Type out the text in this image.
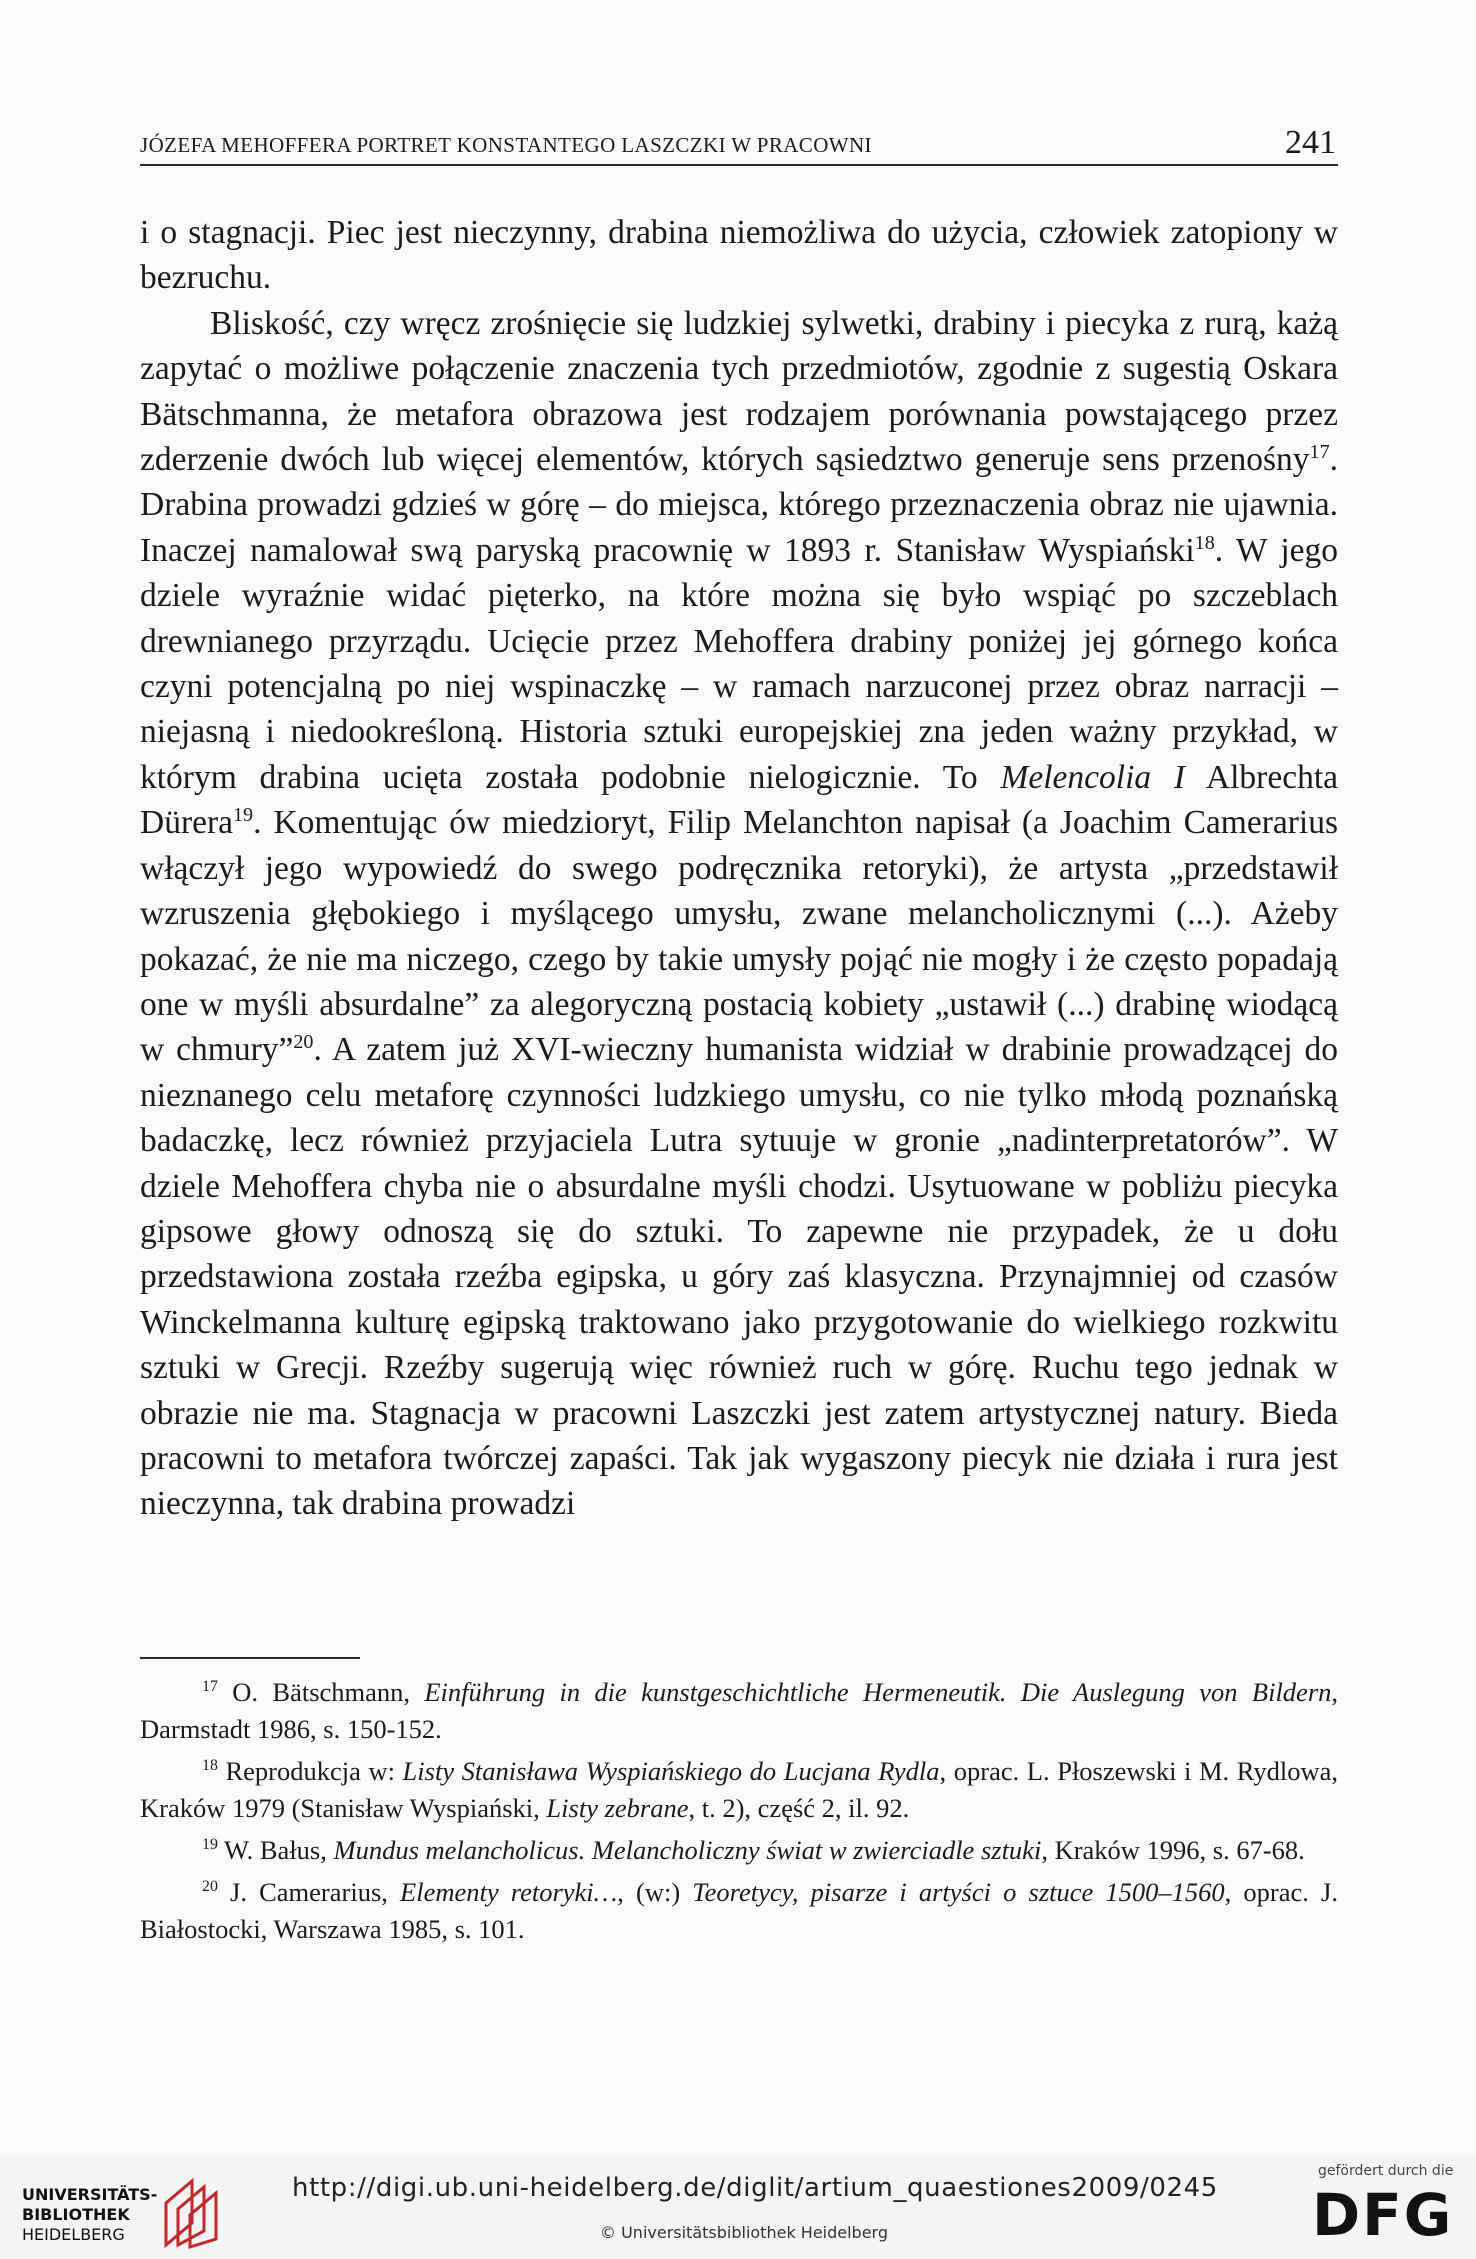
JÓZEFA MEHOFFERA PORTRET KONSTANTEGO LASZCZKI W PRACOWNI	241

i o stagnacji. Piec jest nieczynny, drabina niemożliwa do użycia, człowiek zatopiony w bezruchu.

Bliskość, czy wręcz zrośnięcie się ludzkiej sylwetki, drabiny i piecyka z rurą, każą zapytać o możliwe połączenie znaczenia tych przedmiotów, zgodnie z sugestią Oskara Bätschmanna, że metafora obrazowa jest rodzajem porównania powstającego przez zderzenie dwóch lub więcej elementów, których sąsiedztwo generuje sens przenośny$^{17}$. Drabina prowadzi gdzieś w górę – do miejsca, którego przeznaczenia obraz nie ujawnia. Inaczej namalował swą paryską pracownię w 1893 r. Stanisław Wyspiański$^{18}$. W jego dziele wyraźnie widać pięterko, na które można się było wspiąć po szczeblach drewnianego przyrządu. Ucięcie przez Mehoffera drabiny poniżej jej górnego końca czyni potencjalną po niej wspinaczkę – w ramach narzuconej przez obraz narracji – niejasną i niedookreśloną. Historia sztuki europejskiej zna jeden ważny przykład, w którym drabina ucięta została podobnie nielogicznie. To Melencolia I Albrechta Dürera$^{19}$. Komentując ów miedzioryt, Filip Melanchton napisał (a Joachim Camerarius włączył jego wypowiedź do swego podręcznika retoryki), że artysta „przedstawił wzruszenia głębokiego i myślącego umysłu, zwane melancholicznymi (...). Ażeby pokazać, że nie ma niczego, czego by takie umysły pojąć nie mogły i że często popadają one w myśli absurdalne” za alegoryczną postacią kobiety „ustawił (...) drabinę wiodącą w chmury”$^{20}$. A zatem już XVI-wieczny humanista widział w drabinie prowadzącej do nieznanego celu metaforę czynności ludzkiego umysłu, co nie tylko młodą poznańską badaczkę, lecz również przyjaciela Lutra sytuuje w gronie „nadinterpretatorów”. W dziele Mehoffera chyba nie o absurdalne myśli chodzi. Usytuowane w pobliżu piecyka gipsowe głowy odnoszą się do sztuki. To zapewne nie przypadek, że u dołu przedstawiona została rzeźba egipska, u góry zaś klasyczna. Przynajmniej od czasów Winckelmanna kulturę egipską traktowano jako przygotowanie do wielkiego rozkwitu sztuki w Grecji. Rzeźby sugerują więc również ruch w górę. Ruchu tego jednak w obrazie nie ma. Stagnacja w pracowni Laszczki jest zatem artystycznej natury. Bieda pracowni to metafora twórczej zapaści. Tak jak wygaszony piecyk nie działa i rura jest nieczynna, tak drabina prowadzi

$^{17}$ O. Bätschmann, Einführung in die kunstgeschichtliche Hermeneutik. Die Auslegung von Bildern, Darmstadt 1986, s. 150-152.

$^{18}$ Reprodukcja w: Listy Stanisława Wyspiańskiego do Lucjana Rydla, oprac. L. Płoszewski i M. Rydlowa, Kraków 1979 (Stanisław Wyspiański, Listy zebrane, t. 2), część 2, il. 92.

$^{19}$ W. Bałus, Mundus melancholicus. Melancholiczny świat w zwierciadle sztuki, Kraków 1996, s. 67-68.

$^{20}$ J. Camerarius, Elementy retoryki…, (w:) Teoretycy, pisarze i artyści o sztuce 1500–1560, oprac. J. Białostocki, Warszawa 1985, s. 101.

UNIVERSITÄTS-
BIBLIOTHEK
HEIDELBERG
http://digi.ub.uni-heidelberg.de/diglit/artium_quaestiones2009/0245
© Universitätsbibliothek Heidelberg
gefördert durch die
DFG
